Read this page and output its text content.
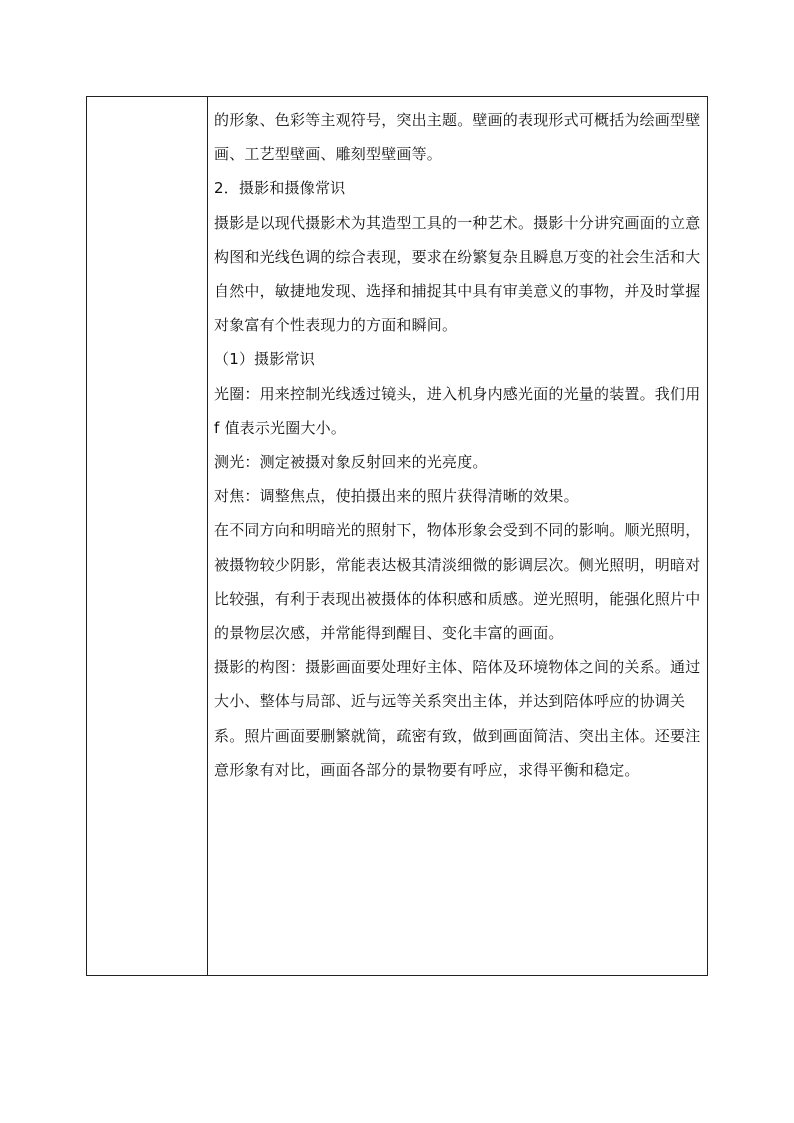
的形象、色彩等主观符号，突出主题。壁画的表现形式可概括为绘画型壁画、工艺型壁画、雕刻型壁画等。

2．摄影和摄像常识

摄影是以现代摄影术为其造型工具的一种艺术。摄影十分讲究画面的立意构图和光线色调的综合表现，要求在纷繁复杂且瞬息万变的社会生活和大自然中，敏捷地发现、选择和捕捉其中具有审美意义的事物，并及时掌握对象富有个性表现力的方面和瞬间。

（1）摄影常识

光圈：用来控制光线透过镜头，进入机身内感光面的光量的装置。我们用 f 值表示光圈大小。

测光：测定被摄对象反射回来的光亮度。

对焦：调整焦点，使拍摄出来的照片获得清晰的效果。

在不同方向和明暗光的照射下，物体形象会受到不同的影响。顺光照明，被摄物较少阴影，常能表达极其清淡细微的影调层次。侧光照明，明暗对比较强，有利于表现出被摄体的体积感和质感。逆光照明，能强化照片中的景物层次感，并常能得到醒目、变化丰富的画面。

摄影的构图：摄影画面要处理好主体、陪体及环境物体之间的关系。通过大小、整体与局部、近与远等关系突出主体，并达到陪体呼应的协调关系。照片画面要删繁就简，疏密有致，做到画面简洁、突出主体。还要注意形象有对比，画面各部分的景物要有呼应，求得平衡和稳定。
